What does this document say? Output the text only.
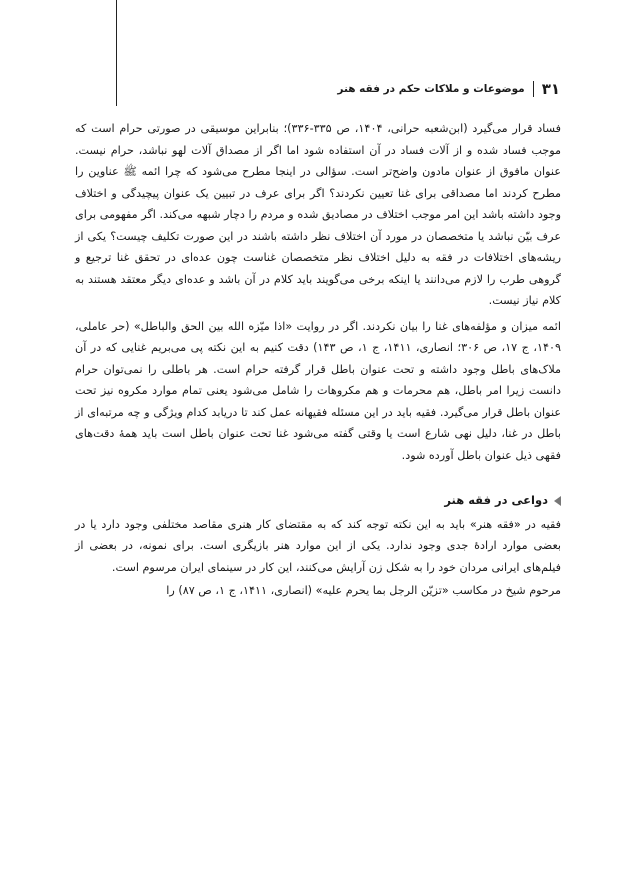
۳۱
موضوعات و ملاکات حکم در فقه هنر

فساد قرار می‌گیرد (ابن‌شعبه حرانی، ۱۴۰۴، ص ۳۳۵-۳۳۶)؛ بنابراین موسیقی در صورتی حرام است که موجب فساد شده و از آلات فساد در آن استفاده شود اما اگر از مصداق آلات لهو نباشد، حرام نیست. عنوان مافوق از عنوان مادون واضح‌تر است. سؤالی در اینجا مطرح می‌شود که چرا ائمه ﷺ عناوین را مطرح کردند اما مصداقی برای غنا تعیین نکردند؟ اگر برای عرف در تبیین یک عنوان پیچیدگی و اختلاف وجود داشته باشد این امر موجب اختلاف در مصادیق شده و مردم را دچار شبهه می‌کند. اگر مفهومی برای عرف بیّن نباشد یا متخصصان در مورد آن اختلاف نظر داشته باشند در این صورت تکلیف چیست؟ یکی از ریشه‌های اختلافات در فقه به دلیل اختلاف نظر متخصصان غناست چون عده‌ای در تحقق غنا ترجیع و گروهی طرب را لازم می‌دانند یا اینکه برخی می‌گویند باید کلام در آن باشد و عده‌ای دیگر معتقد هستند به کلام نیاز نیست.

ائمه میزان و مؤلفه‌های غنا را بیان نکردند. اگر در روایت «اذا میّزه الله بین الحق والباطل» (حر عاملی، ۱۴۰۹، ج ۱۷، ص ۳۰۶؛ انصاری، ۱۴۱۱، ج ۱، ص ۱۴۳) دقت کنیم به این نکته پی می‌بریم غنایی که در آن ملاک‌های باطل وجود داشته و تحت عنوان باطل قرار گرفته حرام است. هر باطلی را نمی‌توان حرام دانست زیرا امر باطل، هم محرمات و هم مکروهات را شامل می‌شود یعنی تمام موارد مکروه نیز تحت عنوان باطل قرار می‌گیرد. فقیه باید در این مسئله فقیهانه عمل کند تا دریابد کدام ویژگی و چه مرتبه‌ای از باطل در غنا، دلیل نهی شارع است یا وقتی گفته می‌شود غنا تحت عنوان باطل است باید همهٔ دقت‌های فقهی ذیل عنوان باطل آورده شود.

دواعی در فقه هنر

فقیه در «فقه هنر» باید به این نکته توجه کند که به مقتضای کار هنری مقاصد مختلفی وجود دارد یا در بعضی موارد ارادهٔ جدی وجود ندارد. یکی از این موارد هنر بازیگری است. برای نمونه، در بعضی از فیلم‌های ایرانی مردان خود را به شکل زن آرایش می‌کنند، این کار در سینمای ایران مرسوم است.

مرحوم شیخ در مکاسب «تزیّن الرجل بما یحرم علیه» (انصاری، ۱۴۱۱، ج ۱، ص ۸۷) را
